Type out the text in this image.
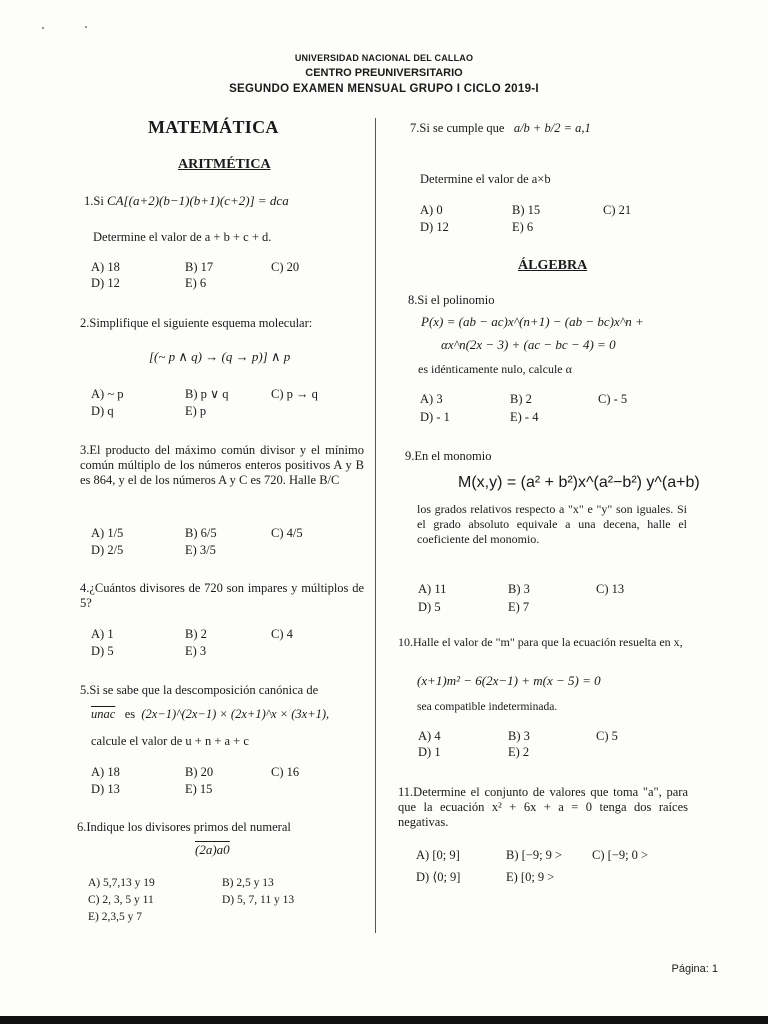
UNIVERSIDAD NACIONAL DEL CALLAO
CENTRO PREUNIVERSITARIO
SEGUNDO EXAMEN MENSUAL GRUPO I CICLO 2019-I
MATEMÁTICA
ARITMÉTICA
ÁLGEBRA
1.Si CA[(a+2)(b−1)(b+1)(c+2)] = dca
Determine el valor de a + b + c + d.
A) 18	B) 17	C) 20
D) 12	E) 6
2.Simplifique el siguiente esquema molecular:
[(~ p ∧ q) → (q → p)] ∧ p
A) ~ p	B) p ∨ q	C) p → q
D) q	E) p
3.El producto del máximo común divisor y el mínimo común múltiplo de los números enteros positivos A y B es 864, y el de los números A y C es 720. Halle B/C
A) 1/5	B) 6/5	C) 4/5
D) 2/5	E) 3/5
4.¿Cuántos divisores de 720 son impares y múltiplos de 5?
A) 1	B) 2	C) 4
D) 5	E) 3
5.Si se sabe que la descomposición canónica de
unac es (2x−1)^(2x−1) × (2x+1)^x × (3x+1),
calcule el valor de u + n + a + c
A) 18	B) 20	C) 16
D) 13	E) 15
6.Indique los divisores primos del numeral
(2a)a0
A) 5,7,13 y 19	B) 2,5 y 13
C) 2, 3, 5 y 11	D) 5, 7, 11 y 13
E) 2,3,5 y 7
7.Si se cumple que a/b + b/2 = a,1
Determine el valor de a×b
A) 0	B) 15	C) 21
D) 12	E) 6
8.Si el polinomio
P(x) = (ab − ac)x^(n+1) − (ab − bc)x^n +
αx^n(2x − 3) + (ac − bc − 4) = 0
es idénticamente nulo, calcule α
A) 3	B) 2	C) - 5
D) - 1	E) - 4
9.En el monomio
M(x,y) = (a² + b²)x^(a²−b²) y^(a+b)
los grados relativos respecto a "x" e "y" son iguales. Si el grado absoluto equivale a una decena, halle el coeficiente del monomio.
A) 11	B) 3	C) 13
D) 5	E) 7
10.Halle el valor de "m" para que la ecuación resuelta en x,
(x+1)m² − 6(2x−1) + m(x − 5) = 0
sea compatible indeterminada.
A) 4	B) 3	C) 5
D) 1	E) 2
11.Determine el conjunto de valores que toma "a", para que la ecuación x² + 6x + a = 0 tenga dos raíces negativas.
A) [0; 9]	B) [−9; 9 > C) [−9; 0 >
D) ⟨0; 9]	E) [0; 9 >
Página: 1
